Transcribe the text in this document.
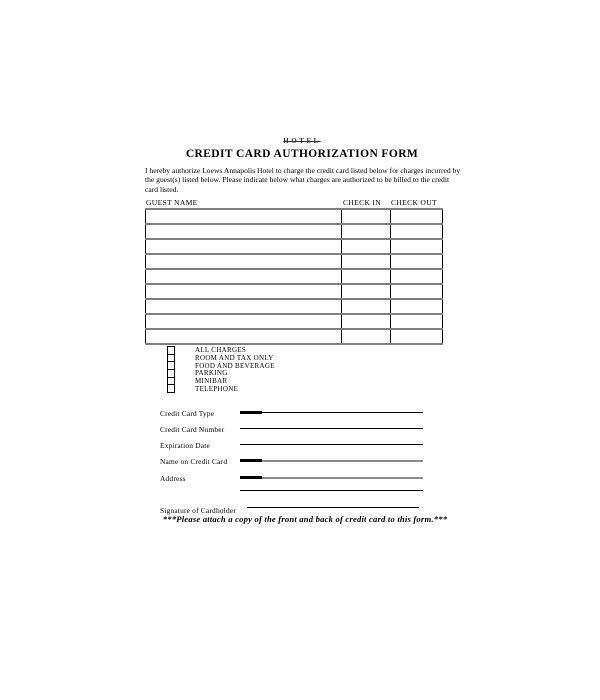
HOTEL
CREDIT CARD AUTHORIZATION FORM
I hereby authorize Loews Annapolis Hotel to charge the credit card listed below for charges incurred by the guest(s) listed below. Please indicate below what charges are authorized to be billed to the credit card listed.
GUEST NAME	CHECK IN CHECK OUT

ALL CHARGES
ROOM AND TAX ONLY
FOOD AND BEVERAGE
PARKING
MINIBAR
TELEPHONE
Credit Card Type
Credit Card Number
Expiration Date
Name on Credit Card
Address
Signature of Cardholder
***Please attach a copy of the front and back of credit card to this form.***
